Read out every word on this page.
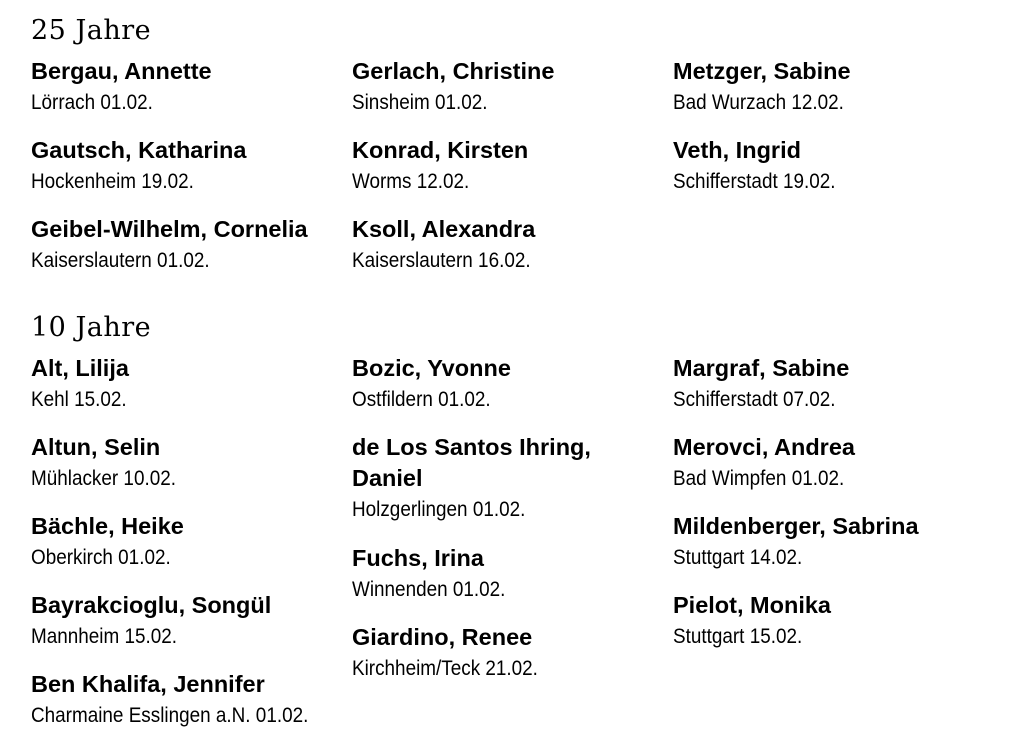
25 Jahre
Bergau, Annette
Lörrach 01.02.
Gautsch, Katharina
Hockenheim 19.02.
Geibel-Wilhelm, Cornelia
Kaiserslautern 01.02.
Gerlach, Christine
Sinsheim 01.02.
Konrad, Kirsten
Worms 12.02.
Ksoll, Alexandra
Kaiserslautern 16.02.
Metzger, Sabine
Bad Wurzach 12.02.
Veth, Ingrid
Schifferstadt 19.02.
10 Jahre
Alt, Lilija
Kehl 15.02.
Altun, Selin
Mühlacker 10.02.
Bächle, Heike
Oberkirch 01.02.
Bayrakcioglu, Songül
Mannheim 15.02.
Ben Khalifa, Jennifer
Charmaine Esslingen a.N. 01.02.
Bozic, Yvonne
Ostfildern 01.02.
de Los Santos Ihring, Daniel
Holzgerlingen 01.02.
Fuchs, Irina
Winnenden 01.02.
Giardino, Renee
Kirchheim/Teck 21.02.
Margraf, Sabine
Schifferstadt 07.02.
Merovci, Andrea
Bad Wimpfen 01.02.
Mildenberger, Sabrina
Stuttgart 14.02.
Pielot, Monika
Stuttgart 15.02.
